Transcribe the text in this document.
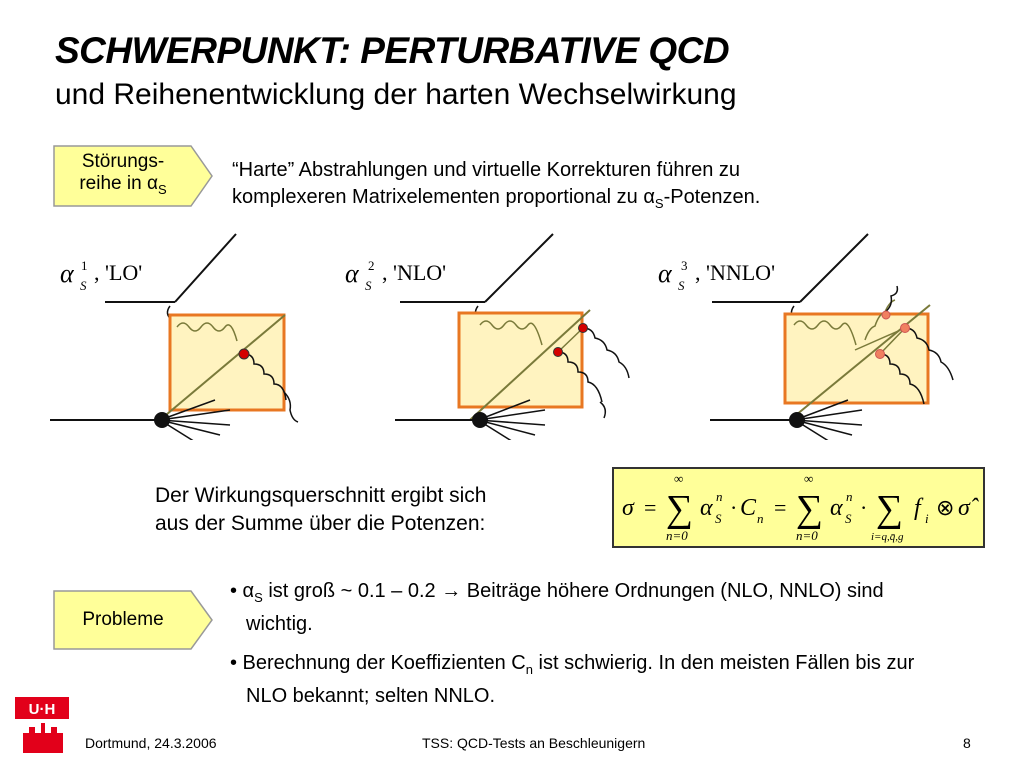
SCHWERPUNKT: PERTURBATIVE QCD
und Reihenentwicklung der harten Wechselwirkung
Störungs-
reihe in $\alpha_S$
“Harte” Abstrahlungen und virtuelle Korrekturen führen zu
komplexeren Matrixelementen proportional zu $\alpha_S$-Potenzen.
α S
1 , 'LO'	α S
2 , 'NLO'	α S
3 , 'NNLO'
Der Wirkungsquerschnitt ergibt sich
aus der Summe über die Potenzen:
σ =
∞
∑
n=0
α n
S · C n =
∞
∑
n=0
α n
S · ∑
i=q,q̄,g
f i ⊗ σ̂
Probleme

• $\alpha_S$ ist groß ~ 0.1 – 0.2 → Beiträge höhere Ordnungen (NLO, NNLO) sind wichtig.

• Berechnung der Koeffizienten $C_n$ ist schwierig. In den meisten Fällen bis zur NLO bekannt; selten NNLO.

U·H
Dortmund, 24.3.2006	TSS: QCD-Tests an Beschleunigern	8
